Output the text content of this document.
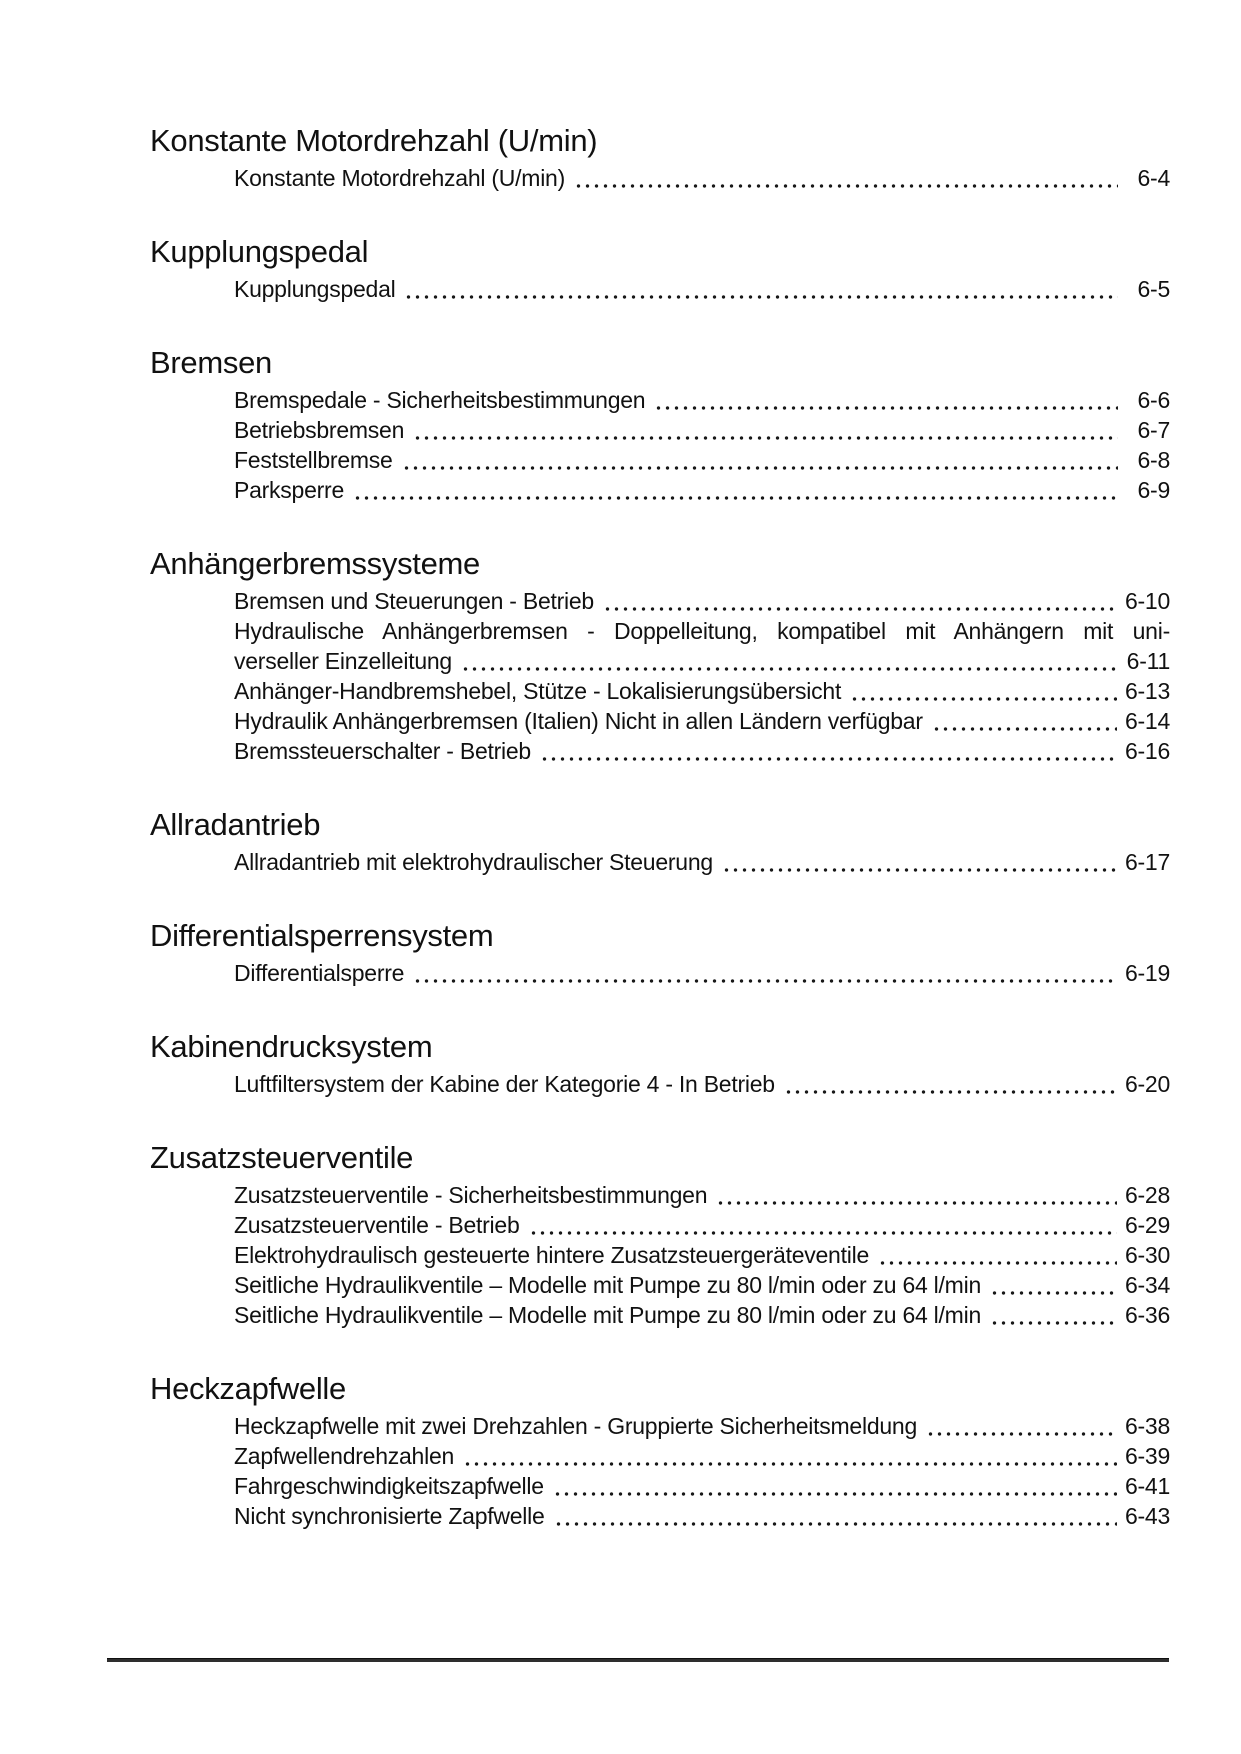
Konstante Motordrehzahl (U/min)
Konstante Motordrehzahl (U/min)	6-4
Kupplungspedal
Kupplungspedal	6-5
Bremsen
Bremspedale - Sicherheitsbestimmungen	6-6
Betriebsbremsen	6-7
Feststellbremse	6-8
Parksperre	6-9
Anhängerbremssysteme
Bremsen und Steuerungen - Betrieb	6-10
Hydraulische Anhängerbremsen - Doppelleitung, kompatibel mit Anhängern mit uni-
verseller Einzelleitung	6-11
Anhänger-Handbremshebel, Stütze - Lokalisierungsübersicht	6-13
Hydraulik Anhängerbremsen (Italien) Nicht in allen Ländern verfügbar	6-14
Bremssteuerschalter - Betrieb	6-16
Allradantrieb
Allradantrieb mit elektrohydraulischer Steuerung	6-17
Differentialsperrensystem
Differentialsperre	6-19
Kabinendrucksystem
Luftfiltersystem der Kabine der Kategorie 4 - In Betrieb	6-20
Zusatzsteuerventile
Zusatzsteuerventile - Sicherheitsbestimmungen	6-28
Zusatzsteuerventile - Betrieb	6-29
Elektrohydraulisch gesteuerte hintere Zusatzsteuergeräteventile	6-30
Seitliche Hydraulikventile – Modelle mit Pumpe zu 80 l/min oder zu 64 l/min	6-34
Seitliche Hydraulikventile – Modelle mit Pumpe zu 80 l/min oder zu 64 l/min	6-36
Heckzapfwelle
Heckzapfwelle mit zwei Drehzahlen - Gruppierte Sicherheitsmeldung	6-38
Zapfwellendrehzahlen	6-39
Fahrgeschwindigkeitszapfwelle	6-41
Nicht synchronisierte Zapfwelle	6-43
